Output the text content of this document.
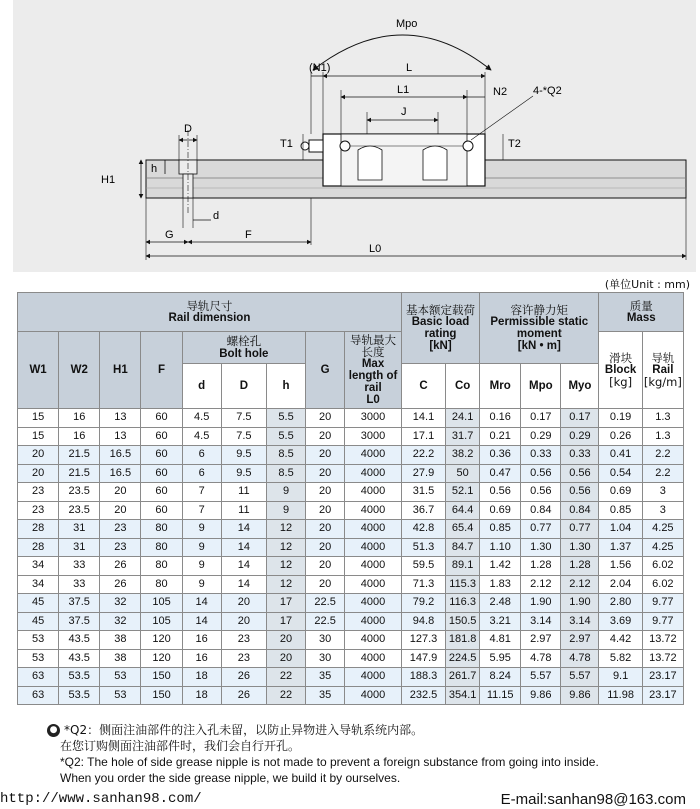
Mpo
(N1)	L
L1
J
N2 4-*Q2
T1	T2
D
H1
h
d
G	F
L0
(单位Unit : mm)
导轨尺寸
Rail dimension									基本额定载荷
Basic load rating
[kN]		容许静力矩
Permissible static moment
[kN • m]			质量
Mass	
W1	W2	H1	F	螺栓孔
Bolt hole			G	导轨最大长度
Max length of rail
L0						滑块
Block

[kg]	导轨
Rail

[kg/m]

				d	D	h			C	Co	Mro	Mpo	Myo		
15	16	13	60	4.5	7.5	5.5	20	3000	14.1	24.1	0.16	0.17	0.17	0.19	1.3
15	16	13	60	4.5	7.5	5.5	20	3000	17.1	31.7	0.21	0.29	0.29	0.26	1.3
20	21.5	16.5	60	6	9.5	8.5	20	4000	22.2	38.2	0.36	0.33	0.33	0.41	2.2
20	21.5	16.5	60	6	9.5	8.5	20	4000	27.9	50	0.47	0.56	0.56	0.54	2.2
23	23.5	20	60	7	11	9	20	4000	31.5	52.1	0.56	0.56	0.56	0.69	3
23	23.5	20	60	7	11	9	20	4000	36.7	64.4	0.69	0.84	0.84	0.85	3
28	31	23	80	9	14	12	20	4000	42.8	65.4	0.85	0.77	0.77	1.04	4.25
28	31	23	80	9	14	12	20	4000	51.3	84.7	1.10	1.30	1.30	1.37	4.25
34	33	26	80	9	14	12	20	4000	59.5	89.1	1.42	1.28	1.28	1.56	6.02
34	33	26	80	9	14	12	20	4000	71.3	115.3	1.83	2.12	2.12	2.04	6.02
45	37.5	32	105	14	20	17	22.5	4000	79.2	116.3	2.48	1.90	1.90	2.80	9.77
45	37.5	32	105	14	20	17	22.5	4000	94.8	150.5	3.21	3.14	3.14	3.69	9.77
53	43.5	38	120	16	23	20	30	4000	127.3	181.8	4.81	2.97	2.97	4.42	13.72
53	43.5	38	120	16	23	20	30	4000	147.9	224.5	5.95	4.78	4.78	5.82	13.72
63	53.5	53	150	18	26	22	35	4000	188.3	261.7	8.24	5.57	5.57	9.1	23.17
63	53.5	53	150	18	26	22	35	4000	232.5	354.1	11.15	9.86	9.86	11.98	23.17
● *Q2：侧面注油部件的注入孔未留，以防止异物进入导轨系统内部。
在您订购侧面注油部件时，我们会自行开孔。
*Q2: The hole of side grease nipple is not made to prevent a foreign substance from going into inside.
When you order the side grease nipple, we build it by ourselves.
http://www.sanhan98.com/	E-mail:sanhan98@163.com
